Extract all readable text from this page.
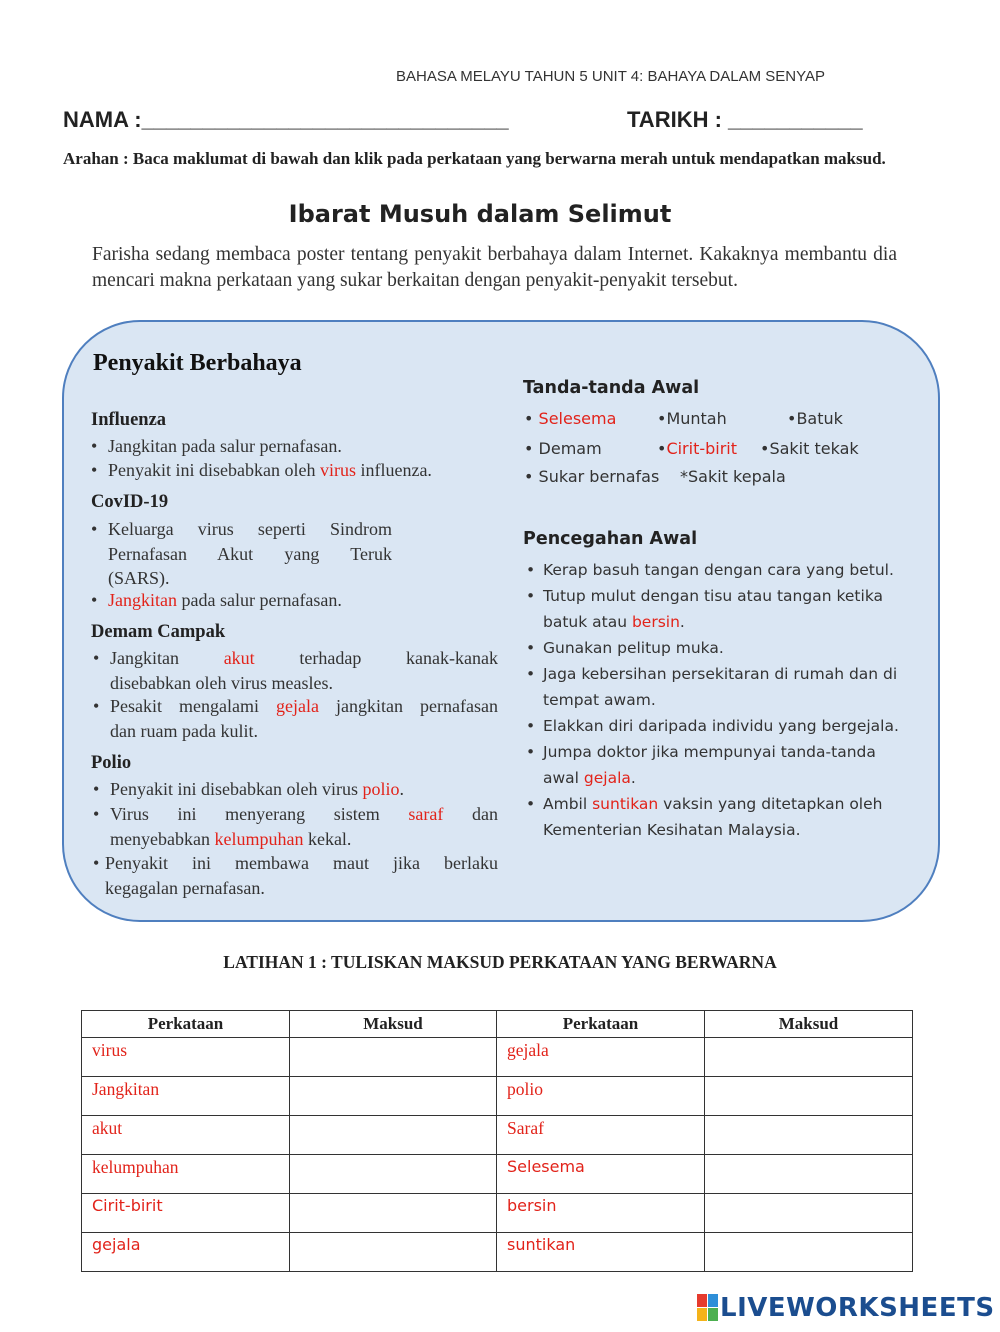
BAHASA MELAYU TAHUN 5 UNIT 4: BAHAYA DALAM SENYAP
NAMA :______________________________	TARIKH : ___________
Arahan : Baca maklumat di bawah dan klik pada perkataan yang berwarna merah untuk mendapatkan maksud.
Ibarat Musuh dalam Selimut
Farisha sedang membaca poster tentang penyakit berbahaya dalam Internet. Kakaknya membantu dia mencari makna perkataan yang sukar berkaitan dengan penyakit-penyakit tersebut.
Penyakit Berbahaya
Influenza
• Jangkitan pada salur pernafasan.
• Penyakit ini disebabkan oleh virus influenza.
CovID-19
• Keluarga virus seperti Sindrom
Pernafasan Akut yang Teruk
(SARS).
• Jangkitan pada salur pernafasan.
Demam Campak
• Jangkitan akut terhadap kanak-kanak
disebabkan oleh virus measles.
• Pesakit mengalami gejala jangkitan pernafasan
dan ruam pada kulit.
Polio
• Penyakit ini disebabkan oleh virus polio.
• Virus ini menyerang sistem saraf dan
menyebabkan kelumpuhan kekal.
• Penyakit ini membawa maut jika berlaku
kegagalan pernafasan.
Tanda-tanda Awal
• Selesema	•Muntah	•Batuk
• Demam	•Cirit-birit •Sakit tekak
• Sukar bernafas *Sakit kepala
Pencegahan Awal
• Kerap basuh tangan dengan cara yang betul.
• Tutup mulut dengan tisu atau tangan ketika
batuk atau bersin.
• Gunakan pelitup muka.
• Jaga kebersihan persekitaran di rumah dan di
tempat awam.
• Elakkan diri daripada individu yang bergejala.
• Jumpa doktor jika mempunyai tanda-tanda
awal gejala.
• Ambil suntikan vaksin yang ditetapkan oleh
Kementerian Kesihatan Malaysia.
LATIHAN 1 : TULISKAN MAKSUD PERKATAAN YANG BERWARNA
Perkataan	Maksud	Perkataan	Maksud

virus		gejala	

Jangkitan		polio	

akut		Saraf	

kelumpuhan		Selesema	

Cirit-birit		bersin	

gejala		suntikan	

LIVEWORKSHEETS
